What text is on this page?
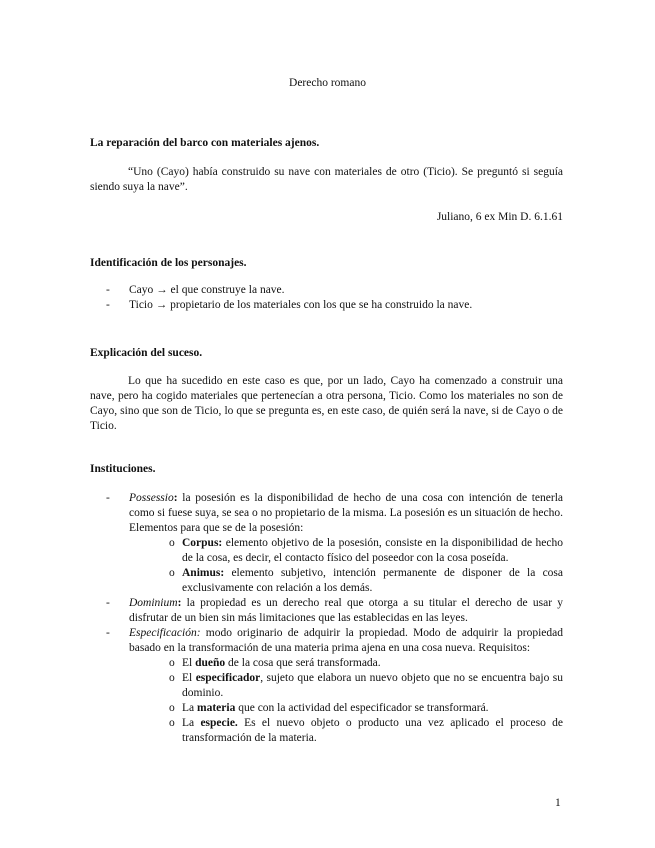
Derecho romano
La reparación del barco con materiales ajenos.
“Uno (Cayo) había construido su nave con materiales de otro (Ticio). Se preguntó si seguía siendo suya la nave”.
Juliano, 6 ex Min D. 6.1.61
Identificación de los personajes.
- Cayo → el que construye la nave.
- Ticio → propietario de los materiales con los que se ha construido la nave.
Explicación del suceso.
Lo que ha sucedido en este caso es que, por un lado, Cayo ha comenzado a construir una nave, pero ha cogido materiales que pertenecían a otra persona, Ticio. Como los materiales no son de Cayo, sino que son de Ticio, lo que se pregunta es, en este caso, de quién será la nave, si de Cayo o de Ticio.
Instituciones.
- Possessio: la posesión es la disponibilidad de hecho de una cosa con intención de tenerla como si fuese suya, se sea o no propietario de la misma. La posesión es un situación de hecho. Elementos para que se de la posesión:
o Corpus: elemento objetivo de la posesión, consiste en la disponibilidad de hecho de la cosa, es decir, el contacto físico del poseedor con la cosa poseída.
o Animus: elemento subjetivo, intención permanente de disponer de la cosa exclusivamente con relación a los demás.
- Dominium: la propiedad es un derecho real que otorga a su titular el derecho de usar y disfrutar de un bien sin más limitaciones que las establecidas en las leyes.
- Especificación: modo originario de adquirir la propiedad. Modo de adquirir la propiedad basado en la transformación de una materia prima ajena en una cosa nueva. Requisitos:
o El dueño de la cosa que será transformada.
o El especificador, sujeto que elabora un nuevo objeto que no se encuentra bajo su dominio.
o La materia que con la actividad del especificador se transformará.
o La especie. Es el nuevo objeto o producto una vez aplicado el proceso de transformación de la materia.
1
